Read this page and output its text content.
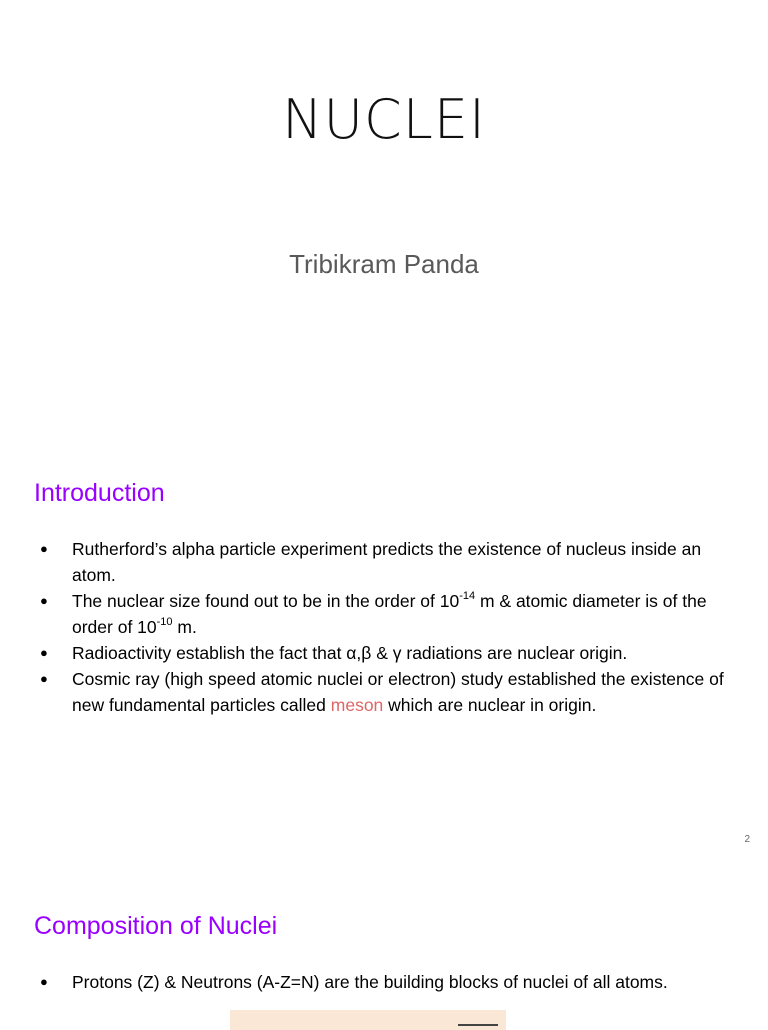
NUCLEI
Tribikram Panda
Introduction
● Rutherford’s alpha particle experiment predicts the existence of nucleus inside an atom.
● The nuclear size found out to be in the order of $10^{-14}$ m & atomic diameter is of the order of $10^{-10}$ m.
● Radioactivity establish the fact that α,β & γ radiations are nuclear origin.
● Cosmic ray (high speed atomic nuclei or electron) study established the existence of new fundamental particles called meson which are nuclear in origin.
2
Composition of Nuclei
● Protons (Z) & Neutrons (A-Z=N) are the building blocks of nuclei of all atoms.
